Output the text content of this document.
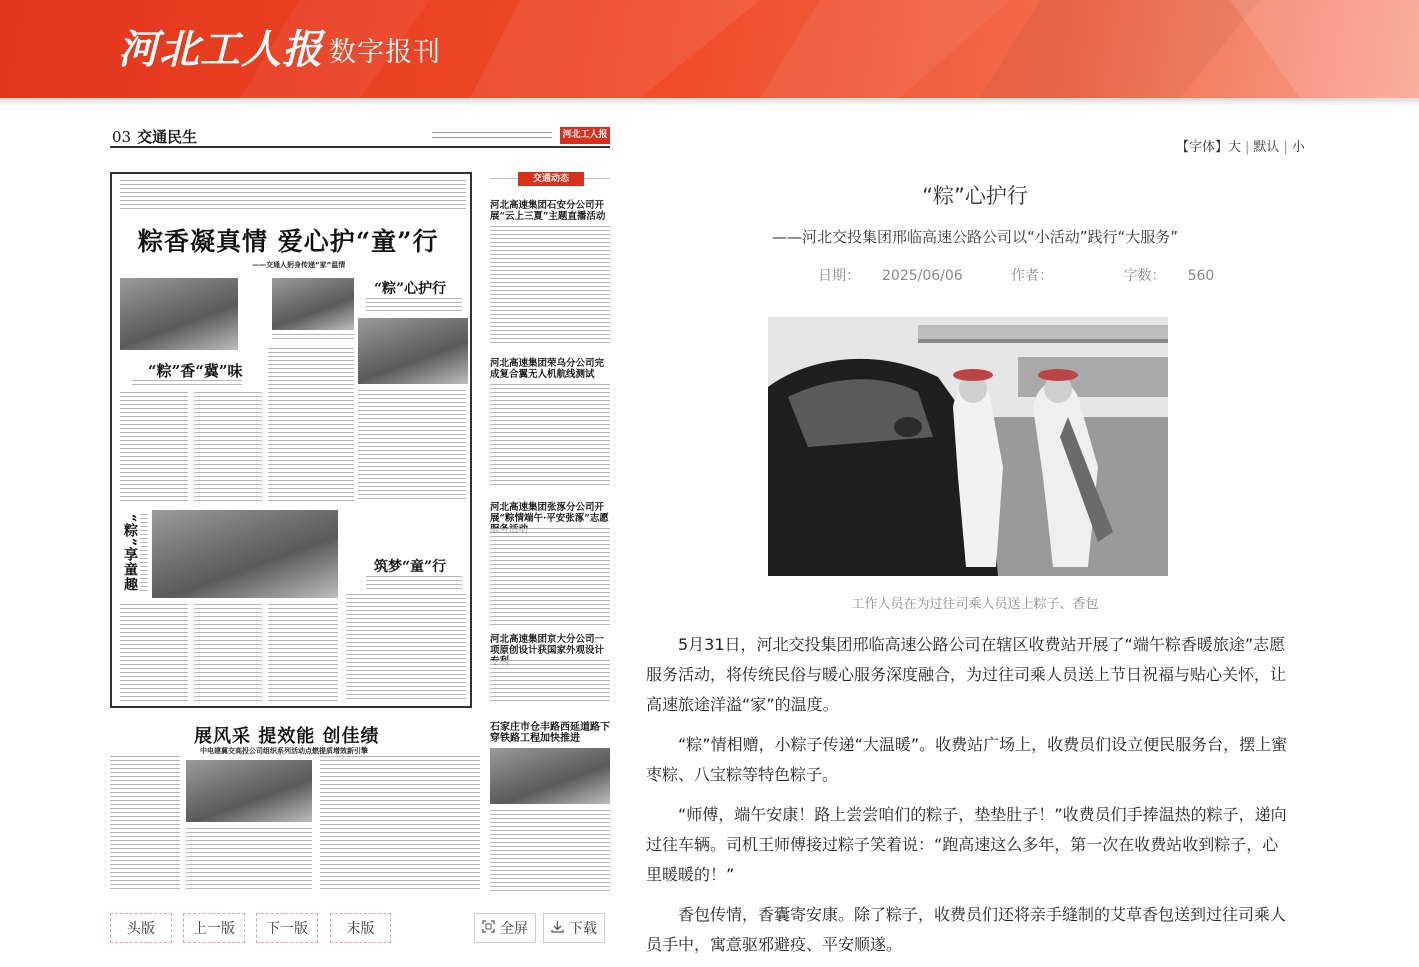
河北工人报 数字报刊
03 交通民生	河北工人报
粽香凝真情 爱心护“童”行
——交通人躬身传递“家”温情
“粽”香“冀”味
“粽”心护行
“粽”享童趣	筑梦“童”行
交通动态
河北高速集团石安分公司开展“云上三夏”主题直播活动
河北高速集团荣乌分公司完成复合翼无人机航线测试
河北高速集团张涿分公司开展“粽情端午·平安张涿”志愿
河北高速集团京大分公司一项原创设计获国家外观设计
展风采 提效能 创佳绩
中电建冀交高投公司组织系列活动点燃提质增效新引擎
石家庄市仓丰路西延道路下穿铁路工程加快推进
头版	上一版 下一版	末版	全屏	下载
【字体】大 | 默认 | 小
“粽”心护行
——河北交投集团邢临高速公路公司以“小活动”践行“大服务”
日期： 2025/06/06	作者：	字数： 560
工作人员在为过往司乘人员送上粽子、香包

5月31日，河北交投集团邢临高速公路公司在辖区收费站开展了“端午粽香暖旅途”志愿服务活动，将传统民俗与暖心服务深度融合，为过往司乘人员送上节日祝福与贴心关怀，让高速旅途洋溢“家”的温度。

“粽”情相赠，小粽子传递“大温暖”。收费站广场上，收费员们设立便民服务台，摆上蜜枣粽、八宝粽等特色粽子。

“师傅，端午安康！路上尝尝咱们的粽子，垫垫肚子！”收费员们手捧温热的粽子，递向过往车辆。司机王师傅接过粽子笑着说：“跑高速这么多年，第一次在收费站收到粽子，心里暖暖的！”

香包传情，香囊寄安康。除了粽子，收费员们还将亲手缝制的艾草香包送到过往司乘人员手中，寓意驱邪避疫、平安顺遂。
